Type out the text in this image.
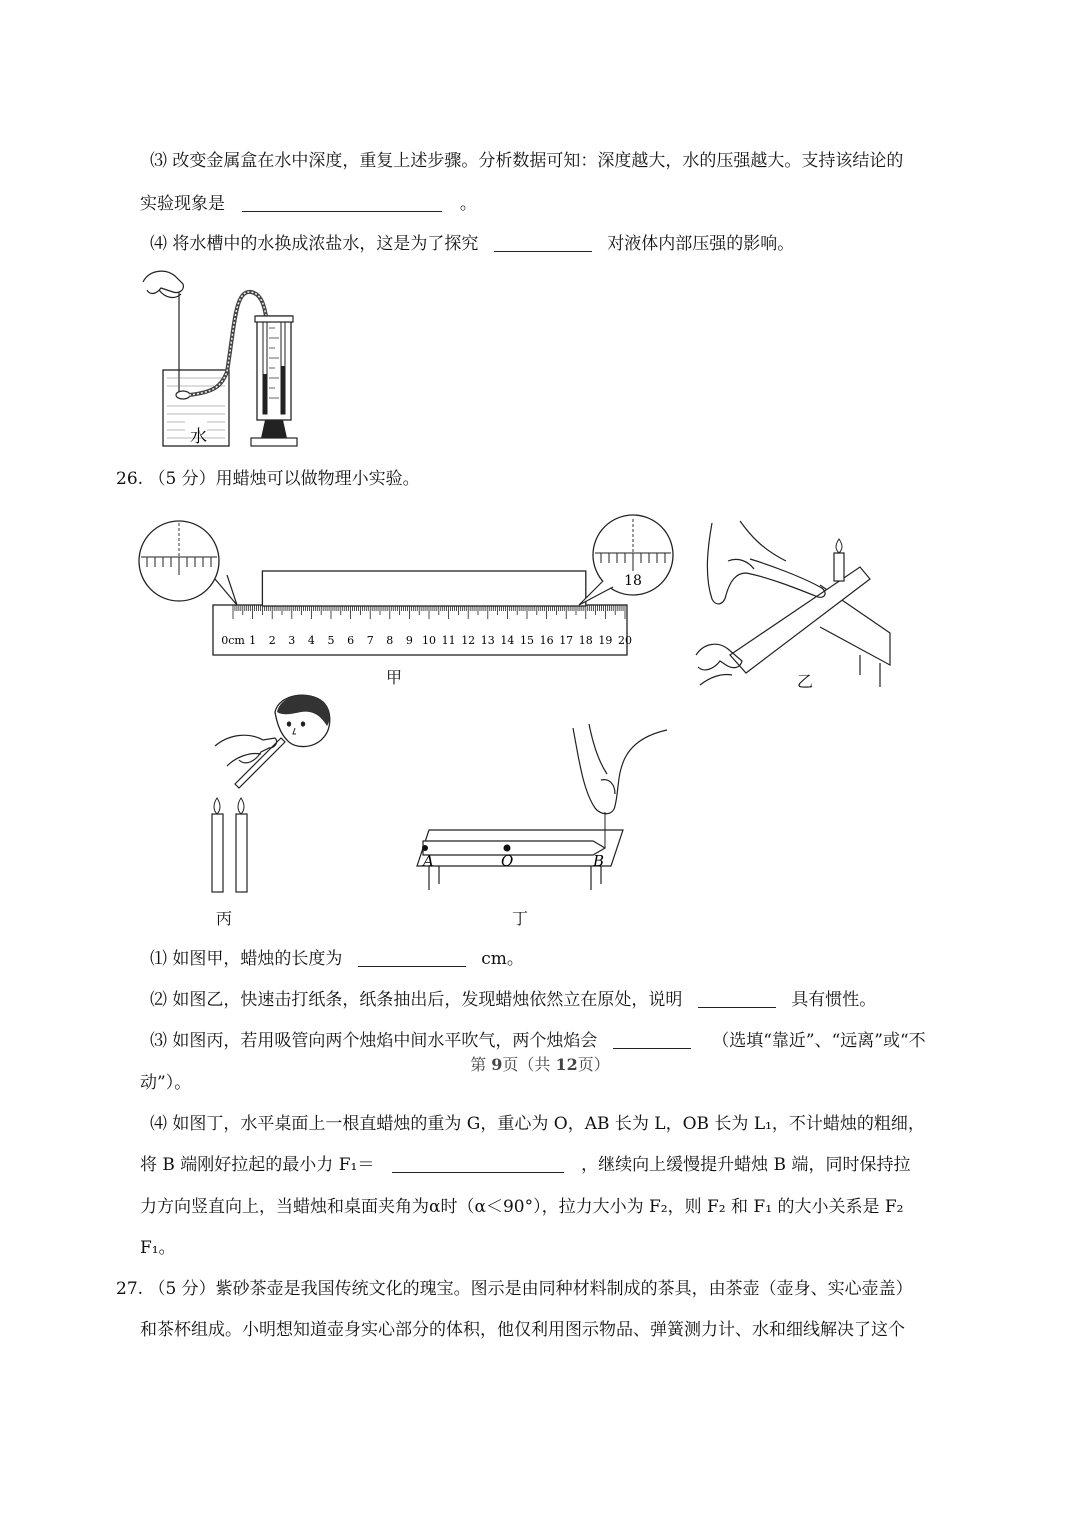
⑶ 改变金属盒在水中深度，重复上述步骤。分析数据可知：深度越大，水的压强越大。支持该结论的
实验现象是	。
⑷ 将水槽中的水换成浓盐水，这是为了探究	对液体内部压强的影响。
水
26. （5 分）用蜡烛可以做物理小实验。
0cm 1 2 3 4 5 6 7 8 9 10 11 12 13 14 15 16 17 18 19 20
18
甲	乙
丙
A	O	B
丁
⑴ 如图甲，蜡烛的长度为	cm。
⑵ 如图乙，快速击打纸条，纸条抽出后，发现蜡烛依然立在原处，说明	具有惯性。
⑶ 如图丙，若用吸管向两个烛焰中间水平吹气，两个烛焰会	（选填“靠近”、“远离”或“不
动”）。
⑷ 如图丁，水平桌面上一根直蜡烛的重为 G，重心为 O，AB 长为 L，OB 长为 L₁，不计蜡烛的粗细，
将 B 端刚好拉起的最小力 F₁＝	，继续向上缓慢提升蜡烛 B 端，同时保持拉
力方向竖直向上，当蜡烛和桌面夹角为α时（α＜90°），拉力大小为 F₂，则 F₂ 和 F₁ 的大小关系是 F₂
F₁。
27. （5 分）紫砂茶壶是我国传统文化的瑰宝。图示是由同种材料制成的茶具，由茶壶（壶身、实心壶盖）
和茶杯组成。小明想知道壶身实心部分的体积，他仅利用图示物品、弹簧测力计、水和细线解决了这个
第 9页（共 12页）
